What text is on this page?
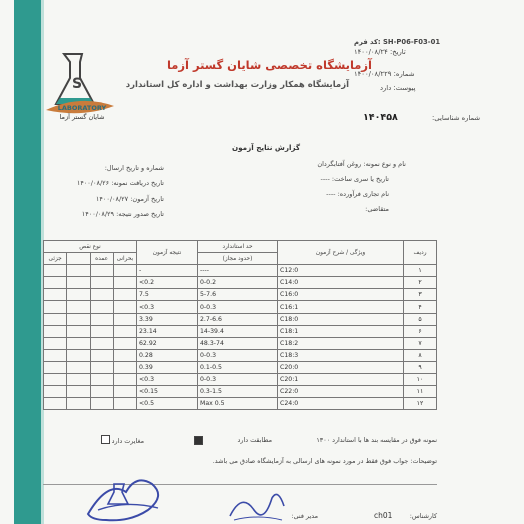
S
LABORATORY
شایان گستر آزما
کد فرم: SH-P06-F03-01
تاریخ: ۱۴۰۰/۰۸/۲۴
شماره: ۱۴۰۰/۰۸/۲۲۹
پیوست: دارد
شماره شناسایی:
۱۴۰۴۵۸
آزمایشگاه تخصصی شایان گستر آزما
آزمایشگاه همکار وزارت بهداشت و اداره کل استاندارد
گزارش نتایج آزمون
نام و نوع نمونه: روغن آفتابگردان
تاریخ یا سری ساخت: ----
نام تجاری فرآورده: ----
متقاضی:
شماره و تاریخ ارسال:
تاریخ دریافت نمونه: ۱۴۰۰/۰۸/۲۶
تاریخ آزمون: ۱۴۰۰/۰۸/۲۷
تاریخ صدور نتیجه: ۱۴۰۰/۰۸/۲۹
ردیف	ویژگی / شرح آزمون	حد استاندارد	نتیجه آزمون	نوع نقص			
		(حدود مجاز)		بحرانی	عمده		جزئی
۱	C12:0	----	-				
۲	C14:0	0-0.2	<0.2				
۳	C16:0	5-7.6	7.5				
۴	C16:1	0-0.3	<0.3				
۵	C18:0	2.7-6.6	3.39				
۶	C18:1	14-39.4	23.14				
۷	C18:2	48.3-74	62.92				
۸	C18:3	0-0.3	0.28				
۹	C20:0	0.1-0.5	0.39				
۱۰	C20:1	0-0.3	<0.3				
۱۱	C22:0	0.3-1.5	<0.15				
۱۲	C24:0	Max 0.5	<0.5				
نمونه فوق در مقایسه بند ها با استاندارد ۱۳۰۰
مطابقت دارد
مغایرت دارد
توضیحات: جواب فوق فقط در مورد نمونه های ارسالی به آزمایشگاه صادق می باشد.
کارشناس:
ch01
مدیر فنی:
